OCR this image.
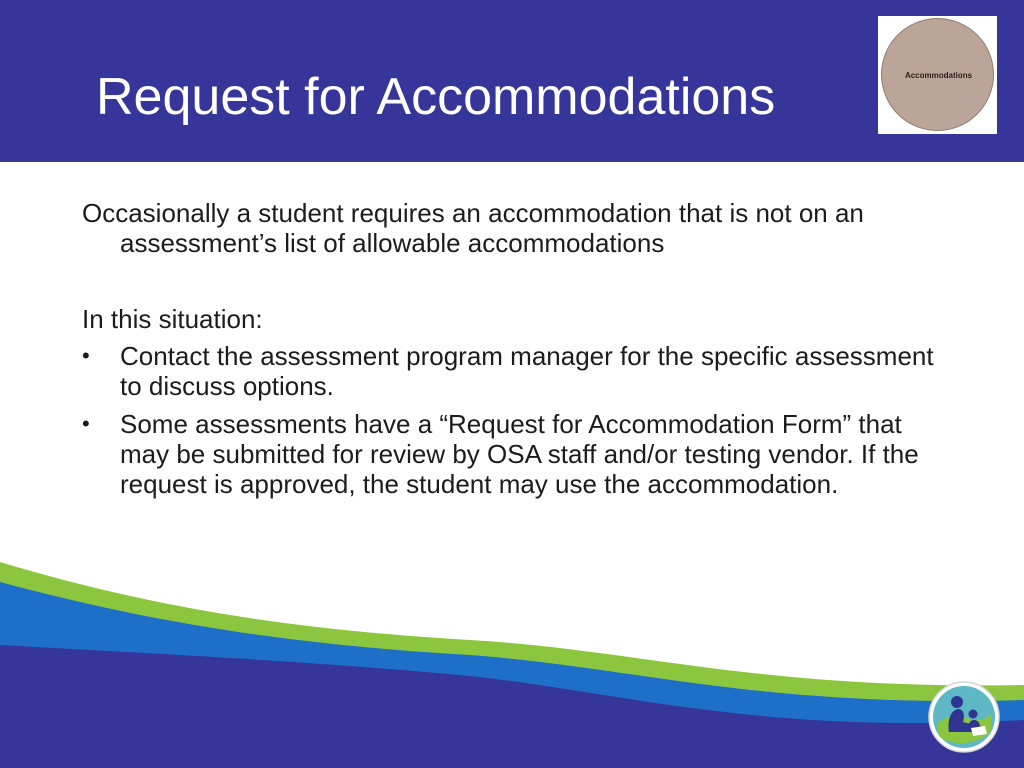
Request for Accommodations	Accommodations

Occasionally a student requires an accommodation that is not on an assessment’s list of allowable accommodations

In this situation:

•	Contact the assessment program manager for the specific assessment to discuss options.
•	Some assessments have a “Request for Accommodation Form” that may be submitted for review by OSA staff and/or testing vendor. If the request is approved, the student may use the accommodation.
